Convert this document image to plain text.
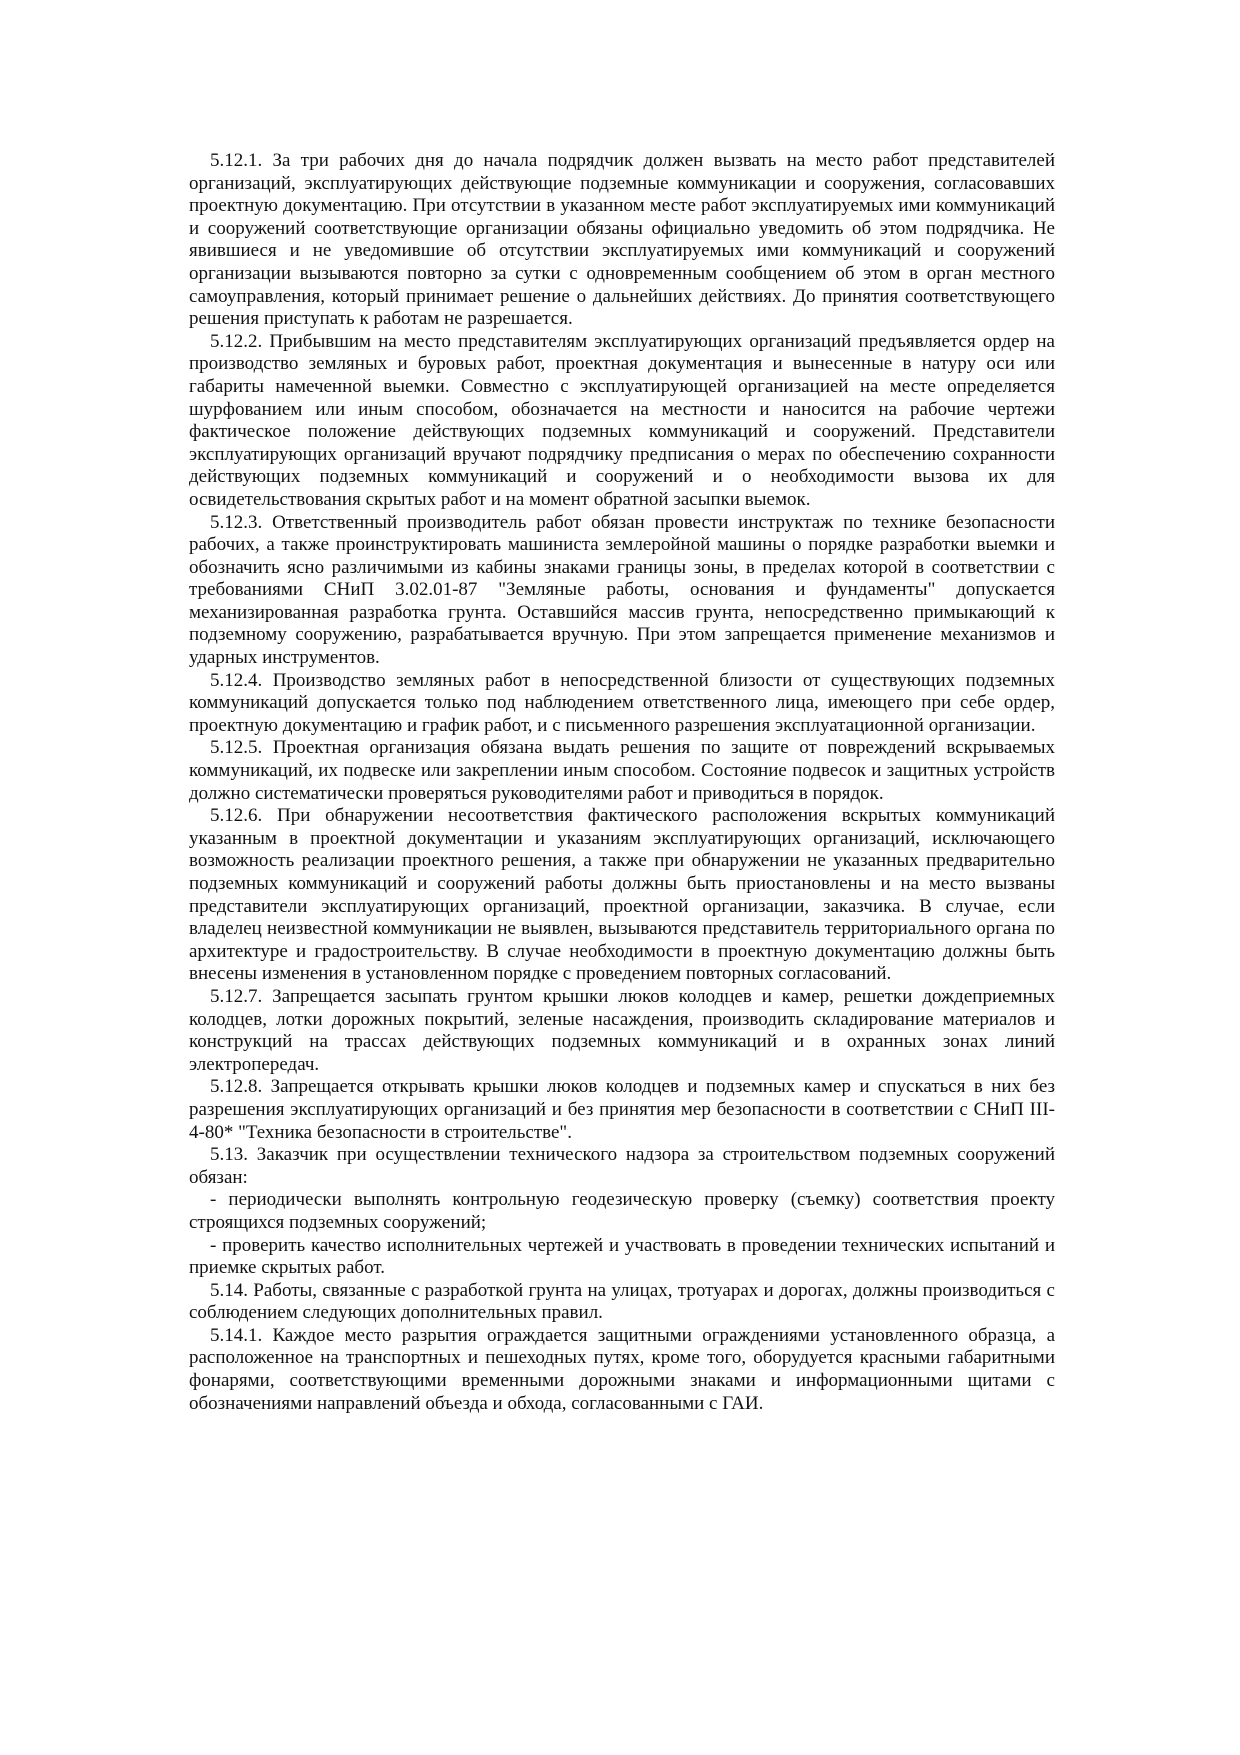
5.12.1. За три рабочих дня до начала подрядчик должен вызвать на место работ представителей организаций, эксплуатирующих действующие подземные коммуникации и сооружения, согласовавших проектную документацию. При отсутствии в указанном месте работ эксплуатируемых ими коммуникаций и сооружений соответствующие организации обязаны официально уведомить об этом подрядчика. Не явившиеся и не уведомившие об отсутствии эксплуатируемых ими коммуникаций и сооружений организации вызываются повторно за сутки с одновременным сообщением об этом в орган местного самоуправления, который принимает решение о дальнейших действиях. До принятия соответствующего решения приступать к работам не разрешается.

5.12.2. Прибывшим на место представителям эксплуатирующих организаций предъявляется ордер на производство земляных и буровых работ, проектная документация и вынесенные в натуру оси или габариты намеченной выемки. Совместно с эксплуатирующей организацией на месте определяется шурфованием или иным способом, обозначается на местности и наносится на рабочие чертежи фактическое положение действующих подземных коммуникаций и сооружений. Представители эксплуатирующих организаций вручают подрядчику предписания о мерах по обеспечению сохранности действующих подземных коммуникаций и сооружений и о необходимости вызова их для освидетельствования скрытых работ и на момент обратной засыпки выемок.

5.12.3. Ответственный производитель работ обязан провести инструктаж по технике безопасности рабочих, а также проинструктировать машиниста землеройной машины о порядке разработки выемки и обозначить ясно различимыми из кабины знаками границы зоны, в пределах которой в соответствии с требованиями СНиП 3.02.01-87 "Земляные работы, основания и фундаменты" допускается механизированная разработка грунта. Оставшийся массив грунта, непосредственно примыкающий к подземному сооружению, разрабатывается вручную. При этом запрещается применение механизмов и ударных инструментов.

5.12.4. Производство земляных работ в непосредственной близости от существующих подземных коммуникаций допускается только под наблюдением ответственного лица, имеющего при себе ордер, проектную документацию и график работ, и с письменного разрешения эксплуатационной организации.

5.12.5. Проектная организация обязана выдать решения по защите от повреждений вскрываемых коммуникаций, их подвеске или закреплении иным способом. Состояние подвесок и защитных устройств должно систематически проверяться руководителями работ и приводиться в порядок.

5.12.6. При обнаружении несоответствия фактического расположения вскрытых коммуникаций указанным в проектной документации и указаниям эксплуатирующих организаций, исключающего возможность реализации проектного решения, а также при обнаружении не указанных предварительно подземных коммуникаций и сооружений работы должны быть приостановлены и на место вызваны представители эксплуатирующих организаций, проектной организации, заказчика. В случае, если владелец неизвестной коммуникации не выявлен, вызываются представитель территориального органа по архитектуре и градостроительству. В случае необходимости в проектную документацию должны быть внесены изменения в установленном порядке с проведением повторных согласований.

5.12.7. Запрещается засыпать грунтом крышки люков колодцев и камер, решетки дождеприемных колодцев, лотки дорожных покрытий, зеленые насаждения, производить складирование материалов и конструкций на трассах действующих подземных коммуникаций и в охранных зонах линий электропередач.

5.12.8. Запрещается открывать крышки люков колодцев и подземных камер и спускаться в них без разрешения эксплуатирующих организаций и без принятия мер безопасности в соответствии с СНиП III-4-80* "Техника безопасности в строительстве".

5.13. Заказчик при осуществлении технического надзора за строительством подземных сооружений обязан:

- периодически выполнять контрольную геодезическую проверку (съемку) соответствия проекту строящихся подземных сооружений;

- проверить качество исполнительных чертежей и участвовать в проведении технических испытаний и приемке скрытых работ.

5.14. Работы, связанные с разработкой грунта на улицах, тротуарах и дорогах, должны производиться с соблюдением следующих дополнительных правил.

5.14.1. Каждое место разрытия ограждается защитными ограждениями установленного образца, а расположенное на транспортных и пешеходных путях, кроме того, оборудуется красными габаритными фонарями, соответствующими временными дорожными знаками и информационными щитами с обозначениями направлений объезда и обхода, согласованными с ГАИ.
